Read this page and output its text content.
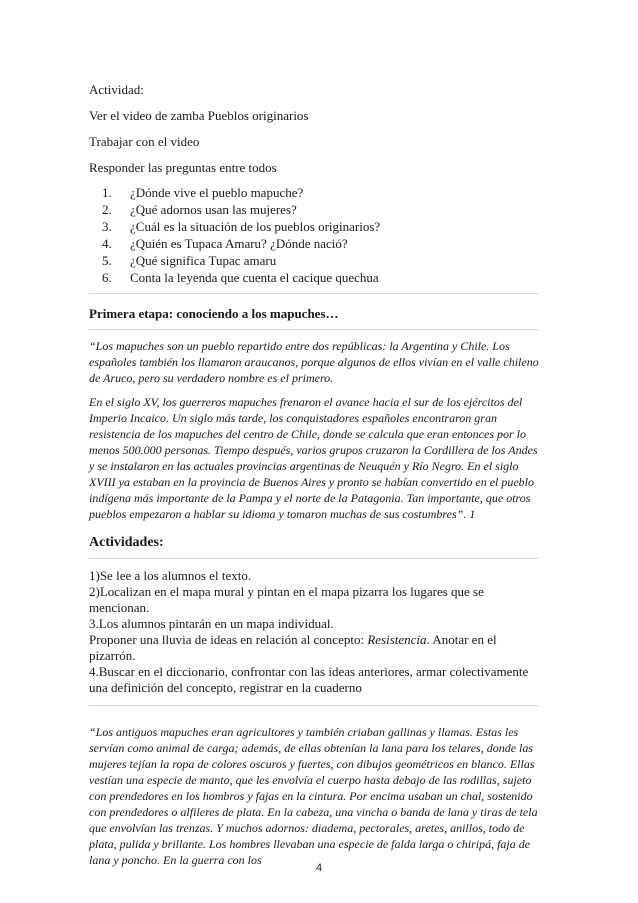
Actividad:

Ver el video de zamba Pueblos originarios

Trabajar con el video

Responder las preguntas entre todos

1.	¿Dónde vive el pueblo mapuche?
2.	¿Qué adornos usan las mujeres?
3.	¿Cuál es la situación de los pueblos originarios?
4.	¿Quién es Tupaca Amaru? ¿Dónde nació?
5.	¿Qué significa Tupac amaru
6.	Conta la leyenda que cuenta el cacique quechua

Primera etapa: conociendo a los mapuches…

“Los mapuches son un pueblo repartido entre dos repúblicas: la Argentina y Chile. Los españoles también los llamaron araucanos, porque algunos de ellos vivían en el valle chileno de Aruco, pero su verdadero nombre es el primero.

En el siglo XV, los guerreros mapuches frenaron el avance hacia el sur de los ejércitos del Imperio Incaico. Un siglo más tarde, los conquistadores españoles encontraron gran resistencia de los mapuches del centro de Chile, donde se calcula que eran entonces por lo menos 500.000 personas. Tiempo después, varios grupos cruzaron la Cordillera de los Andes y se instalaron en las actuales provincias argentinas de Neuquén y Río Negro. En el siglo XVIII ya estaban en la provincia de Buenos Aires y pronto se habían convertido en el pueblo indígena más importante de la Pampa y el norte de la Patagonia. Tan importante, que otros pueblos empezaron a hablar su idioma y tomaron muchas de sus costumbres”. 1

Actividades:

1)Se lee a los alumnos el texto.

2)Localizan en el mapa mural y pintan en el mapa pizarra los lugares que se mencionan.

3.Los alumnos pintarán en un mapa individual.

Proponer una lluvia de ideas en relación al concepto: Resistencia. Anotar en el pizarrón.

4.Buscar en el diccionario, confrontar con las ideas anteriores, armar colectivamente una definición del concepto, registrar en la cuaderno

“Los antiguos mapuches eran agricultores y también criaban gallinas y llamas. Estas les servían como animal de carga; además, de ellas obtenían la lana para los telares, donde las mujeres tejían la ropa de colores oscuros y fuertes, con dibujos geométricos en blanco. Ellas vestían una especie de manto, que les envolvía el cuerpo hasta debajo de las rodillas, sujeto con prendedores en los hombros y fajas en la cintura. Por encima usaban un chal, sostenido con prendedores o alfileres de plata. En la cabeza, una vincha o banda de lana y tiras de tela que envolvían las trenzas. Y muchos adornos: diadema, pectorales, aretes, anillos, todo de plata, pulida y brillante. Los hombres llevaban una especie de falda larga o chiripá, faja de lana y poncho. En la guerra con los

4
